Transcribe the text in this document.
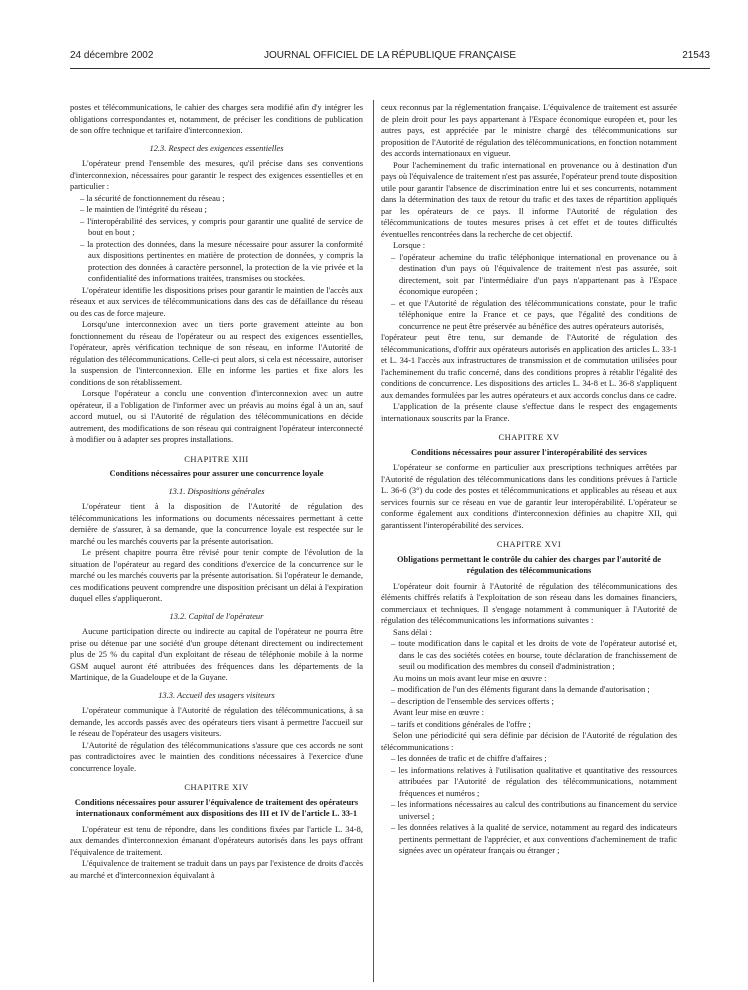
24 décembre 2002	JOURNAL OFFICIEL DE LA RÉPUBLIQUE FRANÇAISE	21543

postes et télécommunications, le cahier des charges sera modifié afin d'y intégrer les obligations correspondantes et, notamment, de préciser les conditions de publication de son offre technique et tarifaire d'interconnexion.

12.3. Respect des exigences essentielles

L'opérateur prend l'ensemble des mesures, qu'il précise dans ses conventions d'interconnexion, nécessaires pour garantir le respect des exigences essentielles et en particulier :

– la sécurité de fonctionnement du réseau ;
– le maintien de l'intégrité du réseau ;
– l'interopérabilité des services, y compris pour garantir une qualité de service de bout en bout ;
– la protection des données, dans la mesure nécessaire pour assurer la conformité aux dispositions pertinentes en matière de protection de données, y compris la protection des données à caractère personnel, la protection de la vie privée et la confidentialité des informations traitées, transmises ou stockées.

L'opérateur identifie les dispositions prises pour garantir le maintien de l'accès aux réseaux et aux services de télécommunications dans des cas de défaillance du réseau ou des cas de force majeure.

Lorsqu'une interconnexion avec un tiers porte gravement atteinte au bon fonctionnement du réseau de l'opérateur ou au respect des exigences essentielles, l'opérateur, après vérification technique de son réseau, en informe l'Autorité de régulation des télécommunications. Celle-ci peut alors, si cela est nécessaire, autoriser la suspension de l'interconnexion. Elle en informe les parties et fixe alors les conditions de son rétablissement.

Lorsque l'opérateur a conclu une convention d'interconnexion avec un autre opérateur, il a l'obligation de l'informer avec un préavis au moins égal à un an, sauf accord mutuel, ou si l'Autorité de régulation des télécommunications en décide autrement, des modifications de son réseau qui contraignent l'opérateur interconnecté à modifier ou à adapter ses propres installations.

CHAPITRE XIII
Conditions nécessaires pour assurer une concurrence loyale
13.1. Dispositions générales

L'opérateur tient à la disposition de l'Autorité de régulation des télécommunications les informations ou documents nécessaires permettant à cette dernière de s'assurer, à sa demande, que la concurrence loyale est respectée sur le marché ou les marchés couverts par la présente autorisation.

Le présent chapitre pourra être révisé pour tenir compte de l'évolution de la situation de l'opérateur au regard des conditions d'exercice de la concurrence sur le marché ou les marchés couverts par la présente autorisation. Si l'opérateur le demande, ces modifications peuvent comprendre une disposition précisant un délai à l'expiration duquel elles s'appliqueront.

13.2. Capital de l'opérateur

Aucune participation directe ou indirecte au capital de l'opérateur ne pourra être prise ou détenue par une société d'un groupe détenant directement ou indirectement plus de 25 % du capital d'un exploitant de réseau de téléphonie mobile à la norme GSM auquel auront été attribuées des fréquences dans les départements de la Martinique, de la Guadeloupe et de la Guyane.

13.3. Accueil des usagers visiteurs

L'opérateur communique à l'Autorité de régulation des télécommunications, à sa demande, les accords passés avec des opérateurs tiers visant à permettre l'accueil sur le réseau de l'opérateur des usagers visiteurs.

L'Autorité de régulation des télécommunications s'assure que ces accords ne sont pas contradictoires avec le maintien des conditions nécessaires à l'exercice d'une concurrence loyale.

CHAPITRE XIV
Conditions nécessaires pour assurer l'équivalence de traitement des opérateurs internationaux conformément aux dispositions des III et IV de l'article L. 33-1

L'opérateur est tenu de répondre, dans les conditions fixées par l'article L. 34-8, aux demandes d'interconnexion émanant d'opérateurs autorisés dans les pays offrant l'équivalence de traitement.

L'équivalence de traitement se traduit dans un pays par l'existence de droits d'accès au marché et d'interconnexion équivalant à

ceux reconnus par la réglementation française. L'équivalence de traitement est assurée de plein droit pour les pays appartenant à l'Espace économique européen et, pour les autres pays, est appréciée par le ministre chargé des télécommunications sur proposition de l'Autorité de régulation des télécommunications, en fonction notamment des accords internationaux en vigueur.

Pour l'acheminement du trafic international en provenance ou à destination d'un pays où l'équivalence de traitement n'est pas assurée, l'opérateur prend toute disposition utile pour garantir l'absence de discrimination entre lui et ses concurrents, notamment dans la détermination des taux de retour du trafic et des taxes de répartition appliqués par les opérateurs de ce pays. Il informe l'Autorité de régulation des télécommunications de toutes mesures prises à cet effet et de toutes difficultés éventuelles rencontrées dans la recherche de cet objectif.

Lorsque :

– l'opérateur achemine du trafic téléphonique international en provenance ou à destination d'un pays où l'équivalence de traitement n'est pas assurée, soit directement, soit par l'intermédiaire d'un pays n'appartenant pas à l'Espace économique européen ;
– et que l'Autorité de régulation des télécommunications constate, pour le trafic téléphonique entre la France et ce pays, que l'égalité des conditions de concurrence ne peut être préservée au bénéfice des autres opérateurs autorisés,

l'opérateur peut être tenu, sur demande de l'Autorité de régulation des télécommunications, d'offrir aux opérateurs autorisés en application des articles L. 33-1 et L. 34-1 l'accès aux infrastructures de transmission et de commutation utilisées pour l'acheminement du trafic concerné, dans des conditions propres à rétablir l'égalité des conditions de concurrence. Les dispositions des articles L. 34-8 et L. 36-8 s'appliquent aux demandes formulées par les autres opérateurs et aux accords conclus dans ce cadre.

L'application de la présente clause s'effectue dans le respect des engagements internationaux souscrits par la France.

CHAPITRE XV
Conditions nécessaires pour assurer l'interopérabilité des services

L'opérateur se conforme en particulier aux prescriptions techniques arrêtées par l'Autorité de régulation des télécommunications dans les conditions prévues à l'article L. 36-6 (3°) du code des postes et télécommunications et applicables au réseau et aux services fournis sur ce réseau en vue de garantir leur interopérabilité. L'opérateur se conforme également aux conditions d'interconnexion définies au chapitre XII, qui garantissent l'interopérabilité des services.

CHAPITRE XVI
Obligations permettant le contrôle du cahier des charges par l'autorité de régulation des télécommunications

L'opérateur doit fournir à l'Autorité de régulation des télécommunications des éléments chiffrés relatifs à l'exploitation de son réseau dans les domaines financiers, commerciaux et techniques. Il s'engage notamment à communiquer à l'Autorité de régulation des télécommunications les informations suivantes :

Sans délai :

– toute modification dans le capital et les droits de vote de l'opérateur autorisé et, dans le cas des sociétés cotées en bourse, toute déclaration de franchissement de seuil ou modification des membres du conseil d'administration ;

Au moins un mois avant leur mise en œuvre :

– modification de l'un des éléments figurant dans la demande d'autorisation ;
– description de l'ensemble des services offerts ;

Avant leur mise en œuvre :

– tarifs et conditions générales de l'offre ;

Selon une périodicité qui sera définie par décision de l'Autorité de régulation des télécommunications :

– les données de trafic et de chiffre d'affaires ;
– les informations relatives à l'utilisation qualitative et quantitative des ressources attribuées par l'Autorité de régulation des télécommunications, notamment fréquences et numéros ;
– les informations nécessaires au calcul des contributions au financement du service universel ;
– les données relatives à la qualité de service, notamment au regard des indicateurs pertinents permettant de l'apprécier, et aux conventions d'acheminement de trafic signées avec un opérateur français ou étranger ;
